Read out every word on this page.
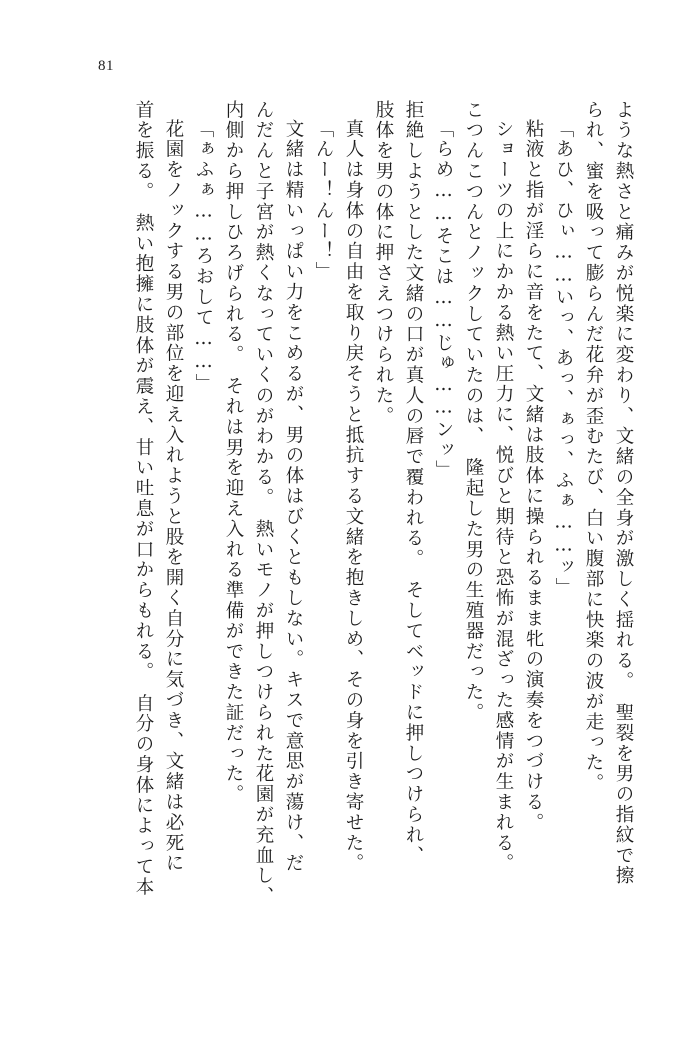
81
ような熱さと痛みが悦楽に変わり、文緒の全身が激しく揺れる。　聖裂を男の指紋で擦
られ、蜜を吸って膨らんだ花弁が歪むたび、白い腹部に快楽の波が走った。
「あひ、ひぃ……いっ、あっ、ぁっ、ふぁ……ッ」
粘液と指が淫らに音をたて、文緒は肢体に操られるまま牝の演奏をつづける。
ショーツの上にかかる熱い圧力に、悦びと期待と恐怖が混ざった感情が生まれる。
こつんこつんとノックしていたのは、　隆起した男の生殖器だった。
「らめ……そこは……じゅ……ンッ」
拒絶しようとした文緒の口が真人の唇で覆われる。　そしてベッドに押しつけられ、
肢体を男の体に押さえつけられた。
真人は身体の自由を取り戻そうと抵抗する文緒を抱きしめ、その身を引き寄せた。
「んー！んー！」
文緒は精いっぱい力をこめるが、男の体はびくともしない。キスで意思が蕩け、だ
んだんと子宮が熱くなっていくのがわかる。　熱いモノが押しつけられた花園が充血し、
内側から押しひろげられる。　それは男を迎え入れる準備ができた証だった。
「ぁふぁ……ろおして……」
花園をノックする男の部位を迎え入れようと股を開く自分に気づき、文緒は必死に
首を振る。　熱い抱擁に肢体が震え、甘い吐息が口からもれる。　自分の身体によって本
